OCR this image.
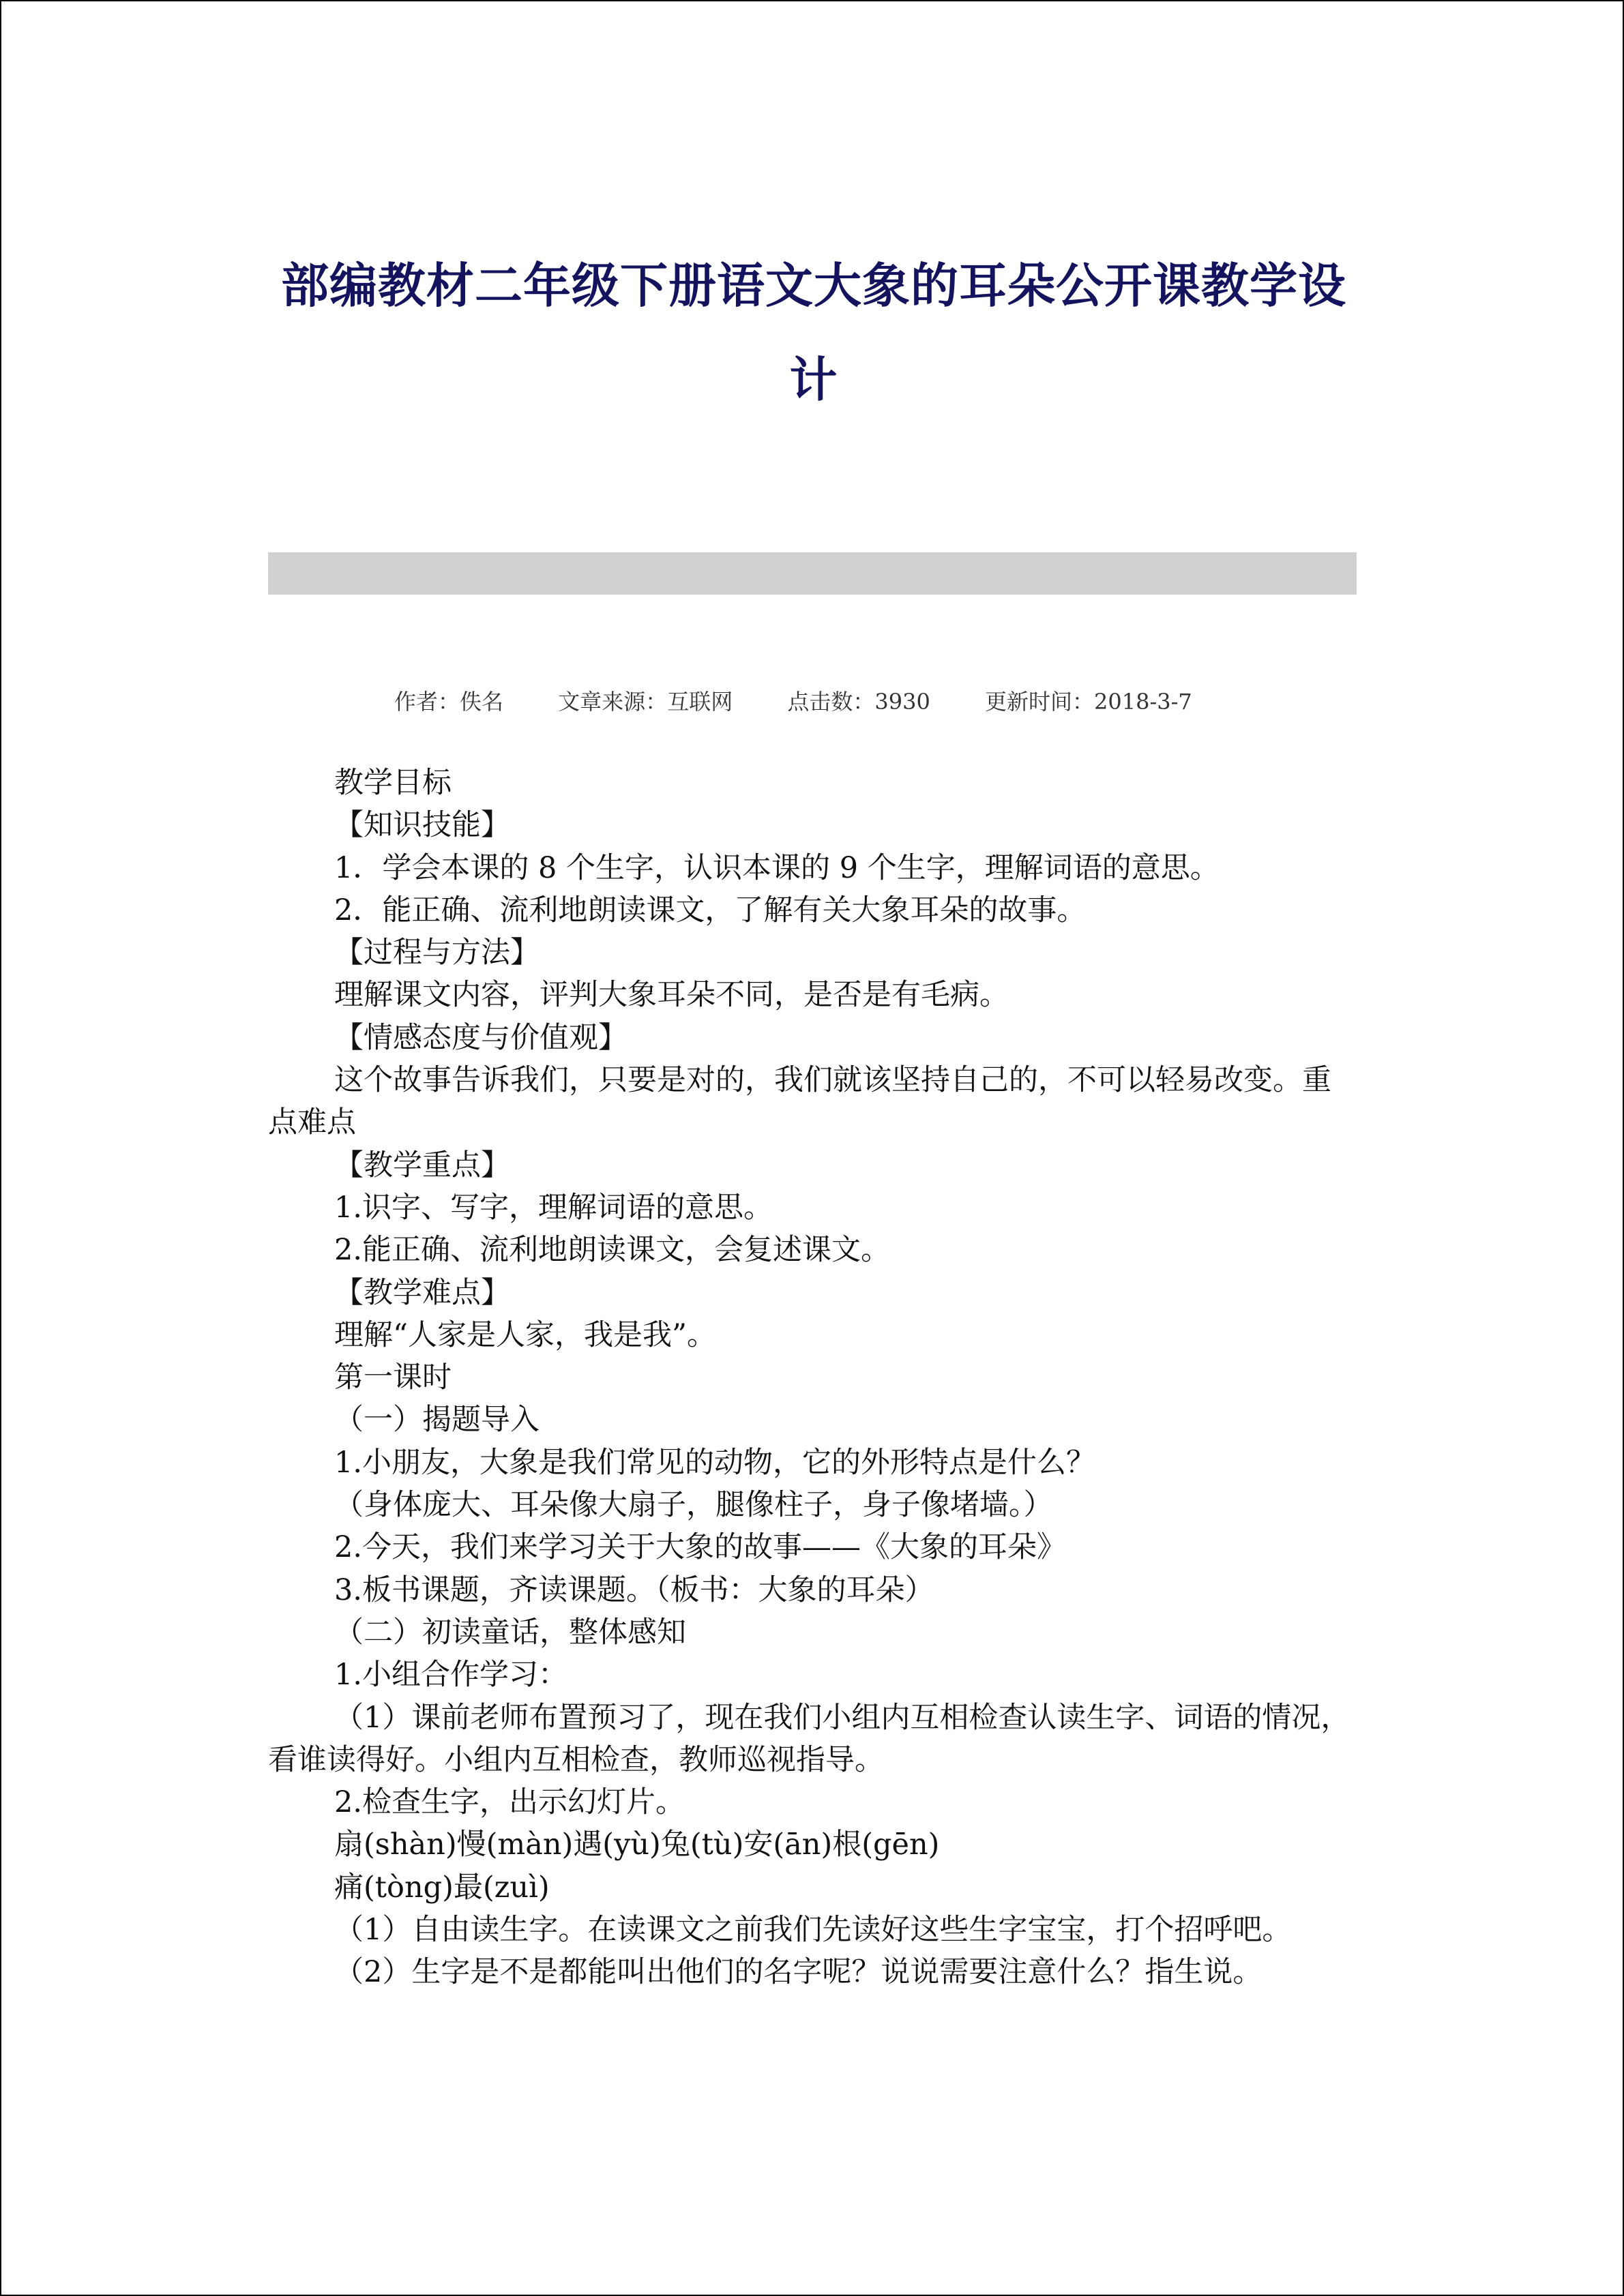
部编教材二年级下册语文大象的耳朵公开课教学设计
作者：佚名	文章来源：互联网	点击数：3930	更新时间：2018-3-7

教学目标

【知识技能】

1．学会本课的 8 个生字，认识本课的 9 个生字，理解词语的意思。

2．能正确、流利地朗读课文，了解有关大象耳朵的故事。

【过程与方法】

理解课文内容，评判大象耳朵不同，是否是有毛病。

【情感态度与价值观】

这个故事告诉我们，只要是对的，我们就该坚持自己的，不可以轻易改变。重点难点

【教学重点】

1.识字、写字，理解词语的意思。

2.能正确、流利地朗读课文，会复述课文。

【教学难点】

理解“人家是人家，我是我”。

第一课时

（一）揭题导入

1.小朋友，大象是我们常见的动物，它的外形特点是什么？

（身体庞大、耳朵像大扇子，腿像柱子，身子像堵墙。）

2.今天，我们来学习关于大象的故事——《大象的耳朵》

3.板书课题，齐读课题。（板书：大象的耳朵）

（二）初读童话，整体感知

1.小组合作学习：

（1）课前老师布置预习了，现在我们小组内互相检查认读生字、词语的情况，看谁读得好。小组内互相检查，教师巡视指导。

2.检查生字，出示幻灯片。

扇(shàn)慢(màn)遇(yù)兔(tù)安(ān)根(gēn)

痛(tòng)最(zuì)

（1）自由读生字。在读课文之前我们先读好这些生字宝宝，打个招呼吧。

（2）生字是不是都能叫出他们的名字呢？说说需要注意什么？指生说。
